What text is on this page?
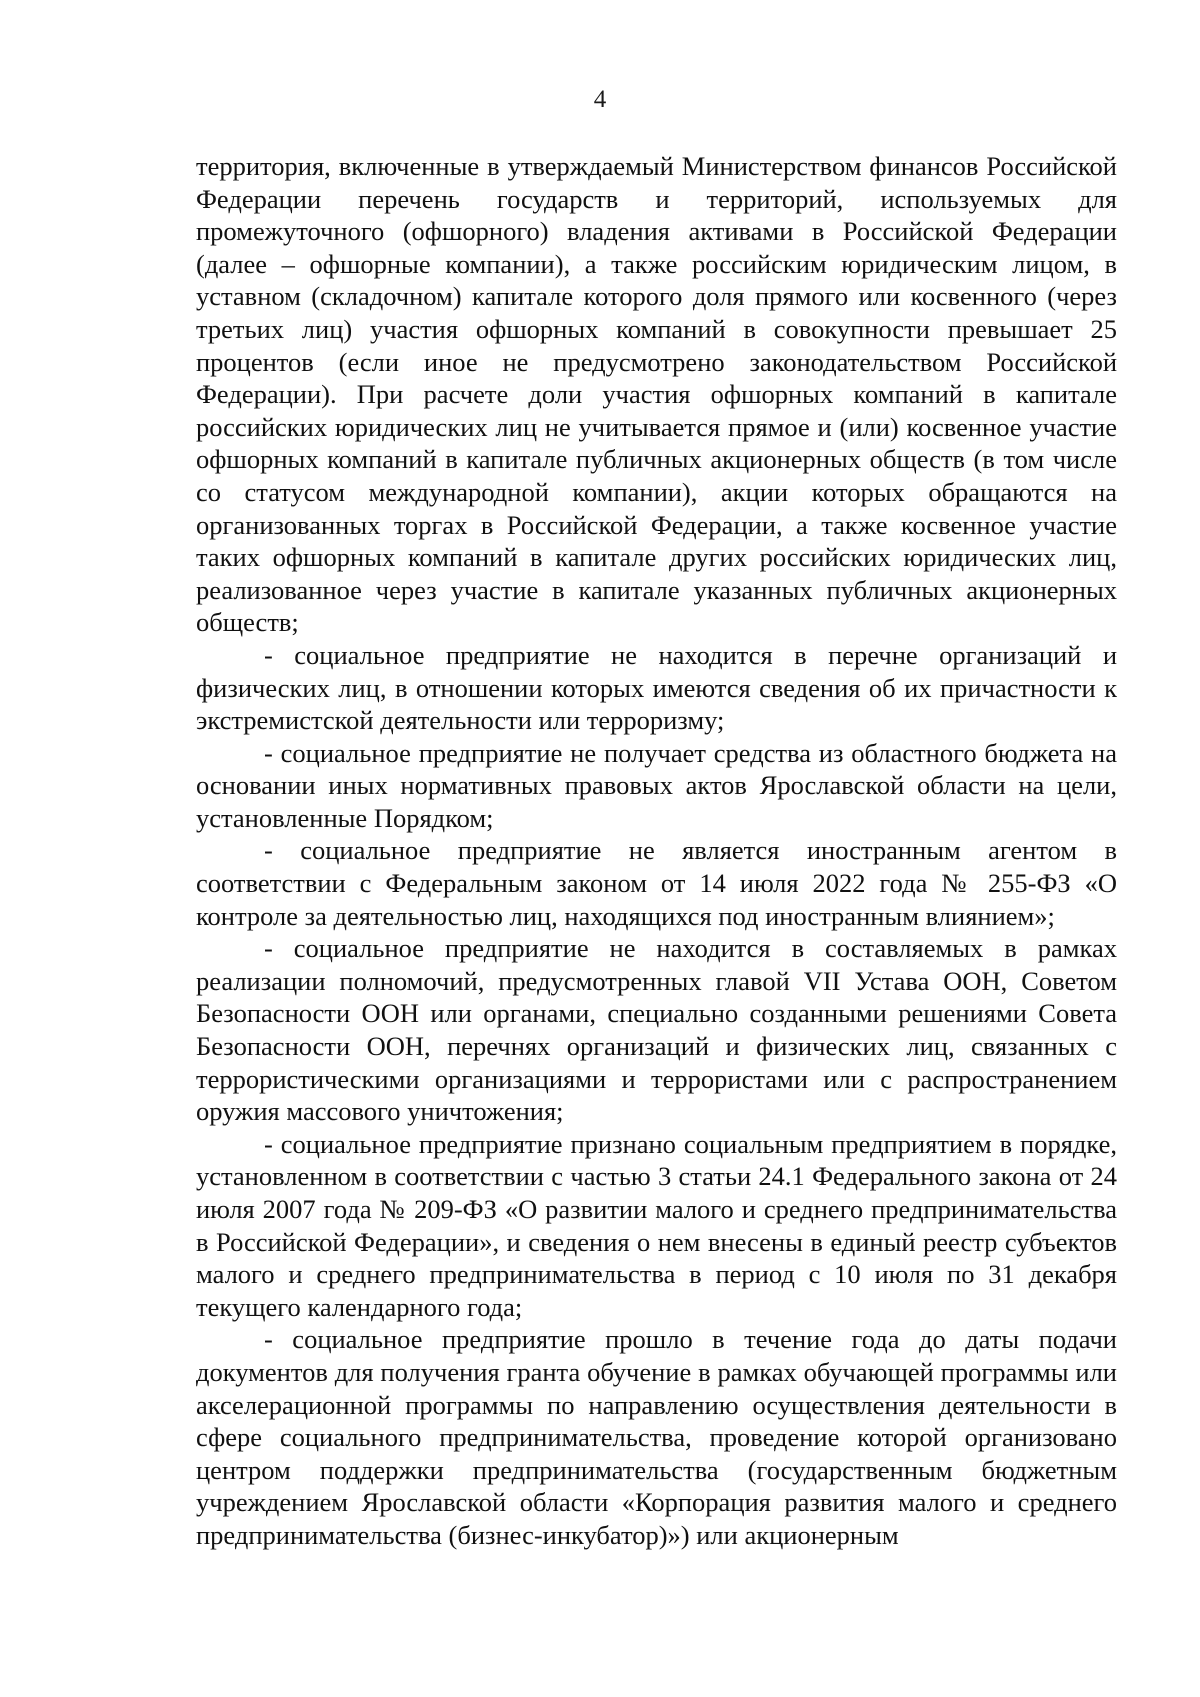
4

территория, включенные в утверждаемый Министерством финансов Российской Федерации перечень государств и территорий, используемых для промежуточного (офшорного) владения активами в Российской Федерации (далее – офшорные компании), а также российским юридическим лицом, в уставном (складочном) капитале которого доля прямого или косвенного (через третьих лиц) участия офшорных компаний в совокупности превышает 25 процентов (если иное не предусмотрено законодательством Российской Федерации). При расчете доли участия офшорных компаний в капитале российских юридических лиц не учитывается прямое и (или) косвенное участие офшорных компаний в капитале публичных акционерных обществ (в том числе со статусом международной компании), акции которых обращаются на организованных торгах в Российской Федерации, а также косвенное участие таких офшорных компаний в капитале других российских юридических лиц, реализованное через участие в капитале указанных публичных акционерных обществ;

- социальное предприятие не находится в перечне организаций и физических лиц, в отношении которых имеются сведения об их причастности к экстремистской деятельности или терроризму;

- социальное предприятие не получает средства из областного бюджета на основании иных нормативных правовых актов Ярославской области на цели, установленные Порядком;

- социальное предприятие не является иностранным агентом в соответствии с Федеральным законом от 14 июля 2022 года № 255-ФЗ «О контроле за деятельностью лиц, находящихся под иностранным влиянием»;

- социальное предприятие не находится в составляемых в рамках реализации полномочий, предусмотренных главой VII Устава ООН, Советом Безопасности ООН или органами, специально созданными решениями Совета Безопасности ООН, перечнях организаций и физических лиц, связанных с террористическими организациями и террористами или с распространением оружия массового уничтожения;

- социальное предприятие признано социальным предприятием в порядке, установленном в соответствии с частью 3 статьи 24.1 Федерального закона от 24 июля 2007 года № 209-ФЗ «О развитии малого и среднего предпринимательства в Российской Федерации», и сведения о нем внесены в единый реестр субъектов малого и среднего предпринимательства в период с 10 июля по 31 декабря текущего календарного года;

- социальное предприятие прошло в течение года до даты подачи документов для получения гранта обучение в рамках обучающей программы или акселерационной программы по направлению осуществления деятельности в сфере социального предпринимательства, проведение которой организовано центром поддержки предпринимательства (государственным бюджетным учреждением Ярославской области «Корпорация развития малого и среднего предпринимательства (бизнес-инкубатор)») или акционерным
